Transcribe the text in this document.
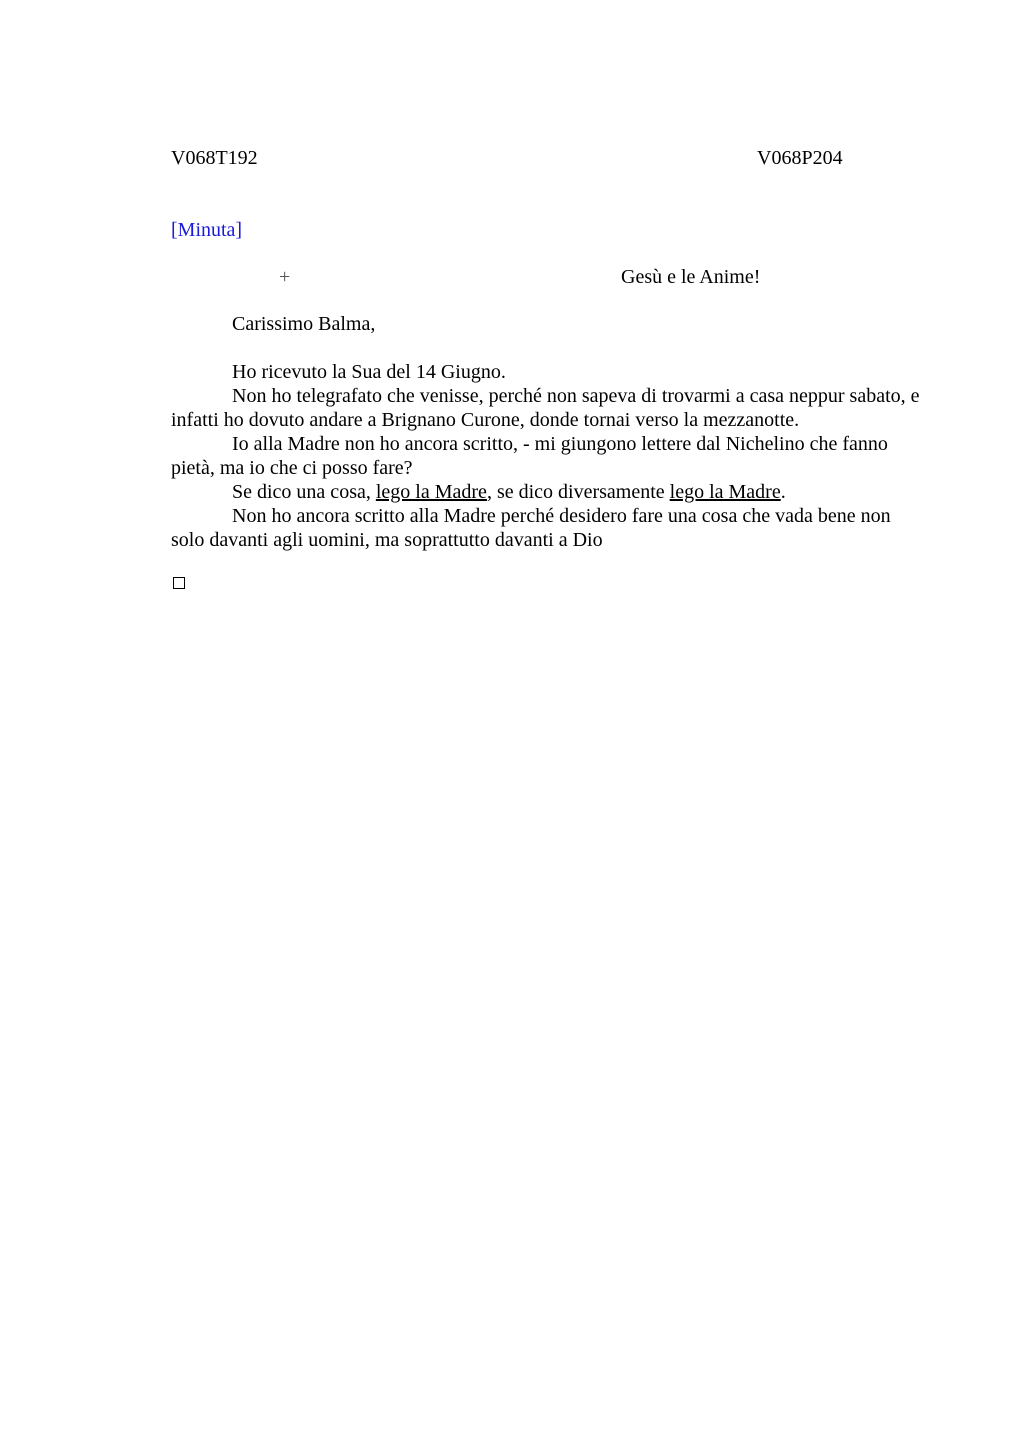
V068T192	V068P204
[Minuta]
+	Gesù e le Anime!
Carissimo Balma,

Ho ricevuto la Sua del 14 Giugno.

Non ho telegrafato che venisse, perché non sapeva di trovarmi a casa neppur sabato, e infatti ho dovuto andare a Brignano Curone, donde tornai verso la mezzanotte.

Io alla Madre non ho ancora scritto, - mi giungono lettere dal Nichelino che fanno pietà, ma io che ci posso fare?

Se dico una cosa, lego la Madre, se dico diversamente lego la Madre.

Non ho ancora scritto alla Madre perché desidero fare una cosa che vada bene non solo davanti agli uomini, ma soprattutto davanti a Dio
